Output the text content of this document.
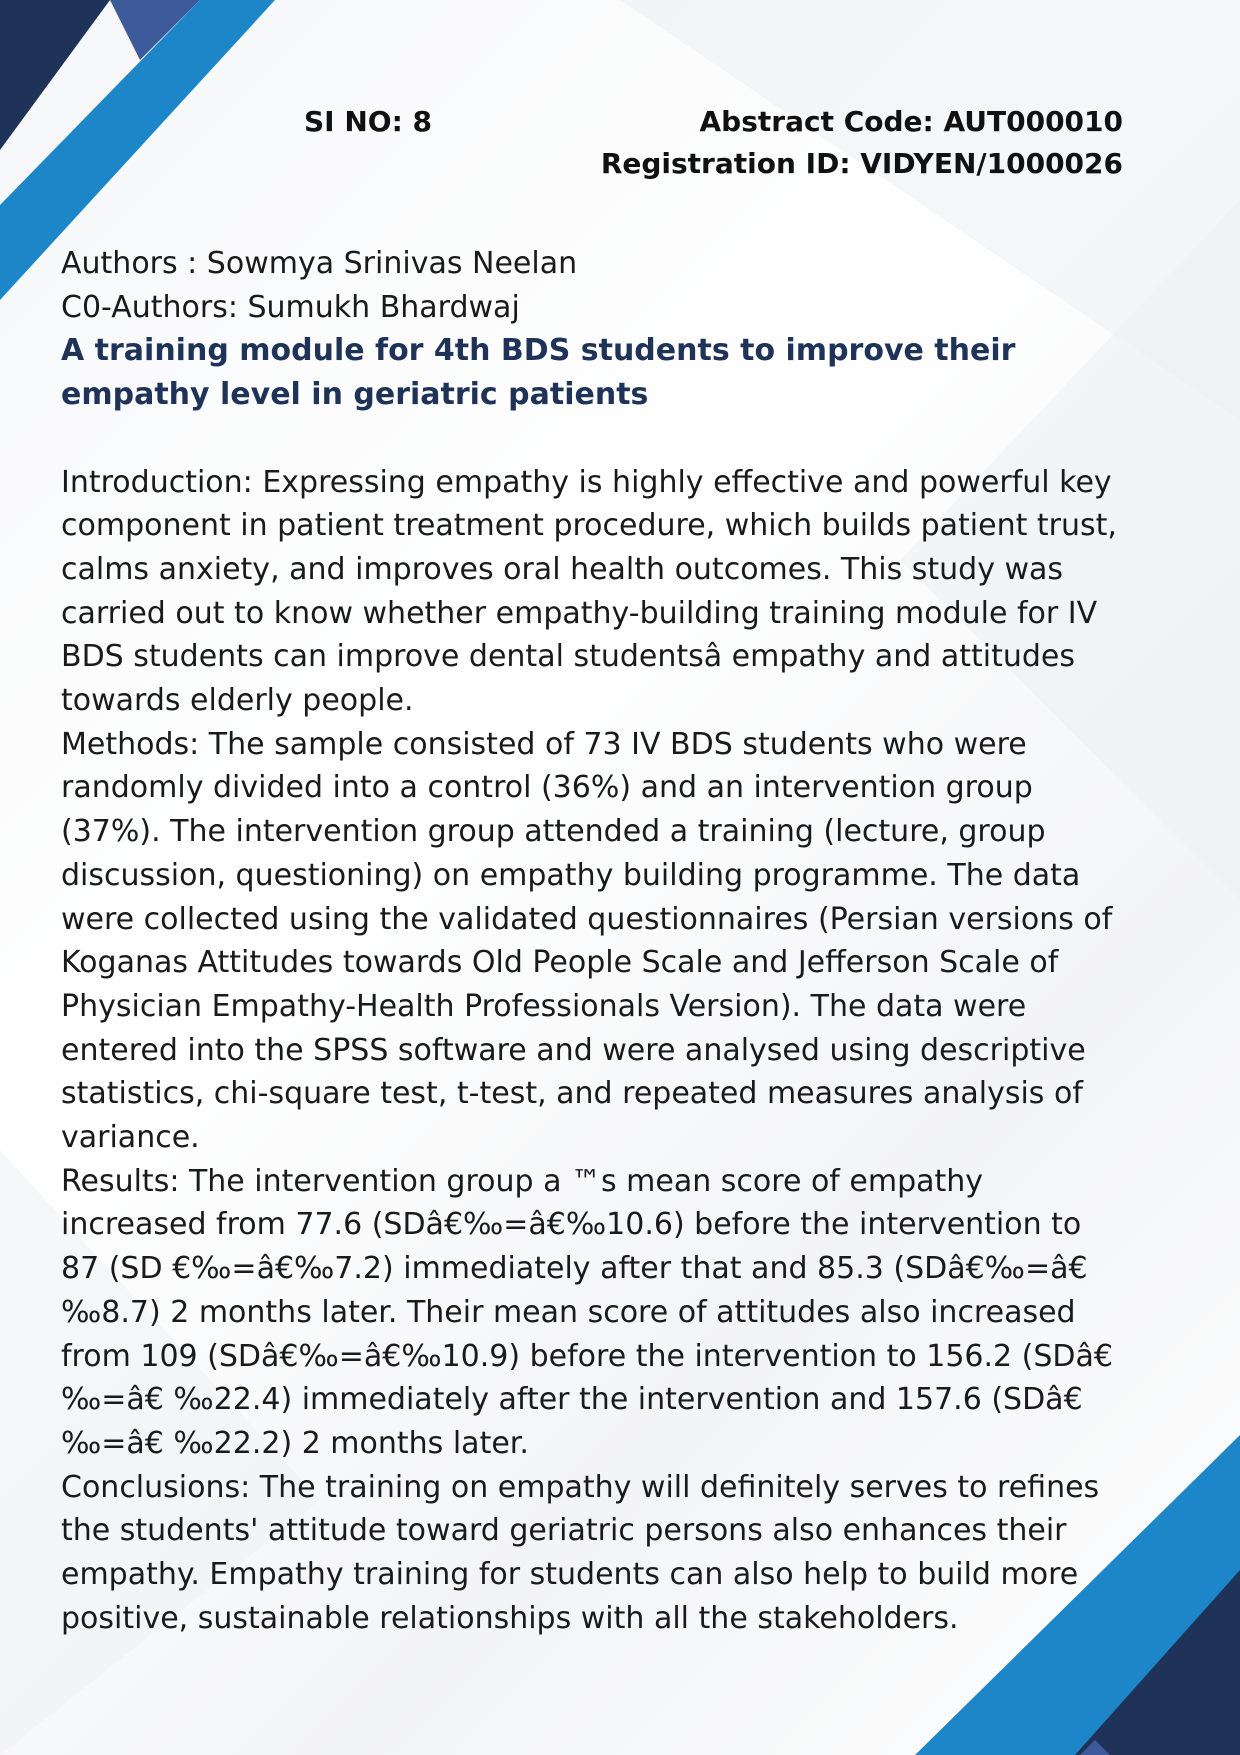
SI NO: 8	Abstract Code: AUT000010
Registration ID: VIDYEN/1000026

Authors : Sowmya Srinivas Neelan

C0-Authors: Sumukh Bhardwaj

A training module for 4th BDS students to improve their empathy level in geriatric patients

Introduction: Expressing empathy is highly effective and powerful key component in patient treatment procedure, which builds patient trust, calms anxiety, and improves oral health outcomes. This study was carried out to know whether empathy-building training module for IV BDS students can improve dental studentsâ empathy and attitudes towards elderly people.

Methods: The sample consisted of 73 IV BDS students who were randomly divided into a control (36%) and an intervention group (37%). The intervention group attended a training (lecture, group discussion, questioning) on empathy building programme. The data were collected using the validated questionnaires (Persian versions of Koganas Attitudes towards Old People Scale and Jefferson Scale of Physician Empathy-Health Professionals Version). The data were entered into the SPSS software and were analysed using descriptive statistics, chi-square test, t-test, and repeated measures analysis of variance.

Results: The intervention group a ™s mean score of empathy increased from 77.6 (SDâ€‰=â€‰10.6) before the intervention to 87 (SD €‰=â€‰7.2) immediately after that and 85.3 (SDâ€‰=â€‰8.7) 2 months later. Their mean score of attitudes also increased from 109 (SDâ€‰=â€‰10.9) before the intervention to 156.2 (SDâ€‰=â€ ‰22.4) immediately after the intervention and 157.6 (SDâ€‰=â€ ‰22.2) 2 months later.

Conclusions: The training on empathy will definitely serves to refines the students' attitude toward geriatric persons also enhances their empathy. Empathy training for students can also help to build more positive, sustainable relationships with all the stakeholders.
